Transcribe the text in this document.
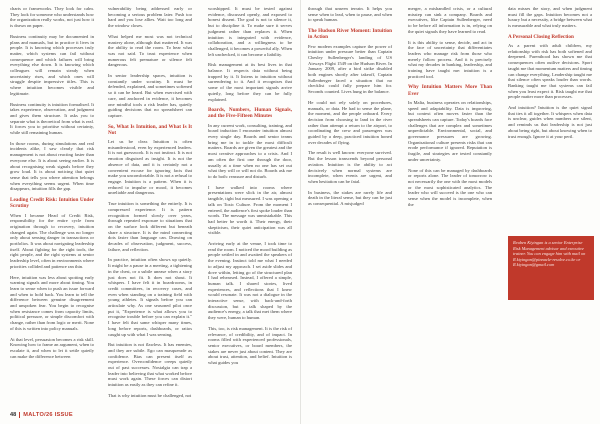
charts or frameworks. They look for calm. They look for someone who understands how the organization really works, not just how it is drawn on paper.

Business continuity may be documented in plans and manuals, but in practice it lives in people. It is knowing which processes truly matter, which systems can fail without consequence and which failures will bring everything else down. It is knowing which colleagues will remain steady when uncertainty rises, and which ones will struggle despite impressive titles. This is where intuition becomes visible and legitimate.

Business continuity is intuition formalised. It takes experience, observation, and judgment and gives them structure. It asks you to separate what is theoretical from what is real. It forces you to prioritise without certainty, while still remaining human.

In those rooms, during simulations and real incidents alike, I saw clearly that risk management is not about reacting faster than everyone else. It is about seeing earlier. It is about recognising weak signals before they grow loud. It is about noticing that quiet sense that tells you where attention belongs when everything seems urgent. When time disappears, intuition fills the gap.

Leading Credit Risk: Intuition Under Scrutiny

When I became Head of Credit Risk, responsibility for the entire cycle from origination through to recovery, intuition changed again. The challenge was no longer only about sensing danger in transactions or portfolios. It was about navigating leadership itself. About fighting for the right tools, the right people, and the right systems at senior leadership level, often in environments where priorities collided and patience ran thin.

Here, intuition was less about spotting early warning signals and more about timing. You learn to sense when to push an issue forward and when to hold back. You learn to tell the difference between genuine disagreement and unspoken fear. You begin to recognise when resistance comes from capacity limits, political pressure, or simple discomfort with change, rather than from logic or merit. None of this is written into policy manuals.

At that level, persuasion becomes a risk skill. Knowing how to frame an argument, when to escalate it, and when to let it settle quietly can make the difference between

vulnerability being addressed early or becoming a serious problem later. Push too hard and you lose allies. Wait too long and the window closes.

What helped me most was not technical mastery alone, although that mattered. It was the ability to read the room. To hear what was not said. To trust experience when numerous felt premature or silence felt dangerous.

In senior leadership spaces, intuition is constantly under scrutiny. It must be defended, explained, and sometimes softened so it can be heard. But when exercised with care, and anchored in evidence, it becomes one mindful tools a risk leader has, quietly guiding decisions that no spreadsheet can capture.

So, What Is Intuition, and What Is It Not

Let us be clear. Intuition is often misunderstood, even by experienced leaders. It is not guesswork. It is not instinct. It is not emotion disguised as insight. It is not the absence of data, and it is certainly not a convenient excuse for ignoring facts that make you uncomfortable. It is not a refusal to engage. Intuition is a pattern. When it is reduced to impulse or mood, it becomes unreliable and dangerous.

True intuition is something the entirely. It is compressed experience. It is pattern recognition formed slowly over years, through repeated exposure to situations that on the surface look different but beneath share a structure. It is the mind connecting dots faster than language can. Drawing on decades of observation, judgment, success, failure, and reflection.

In practice, intuition often shows up quietly. It might be a pause in a meeting, a tightening in the chest, or a subtle unease when a story just does not fit. It does not shout. It whispers. I have felt it in boardrooms, in credit committees, in recovery cases, and even when standing on a training field with young athletes. It signals before you can articulate why. As one seasoned pilot once put it, "Experience is what allows you to recognise trouble before you can explain it." I have felt that same whisper many times, long before reports, dashboards, or ratios caught up with what I was sensing.

But intuition is not flawless. It has enemies, and they are subtle. Ego can masquerade as confidence. Bias can present itself as experience. Overconfidence creeps quietly out of past successes. Nostalgia can trap a leader into believing that what worked before must work again. These forces can distort intuition as easily as they can refine it.

That is why intuition must be challenged, not

worshipped. It must be tested against evidence, discussed openly, and exposed to honest dissent. The goal is not to silence it, but to discipline it. To make sure it serves judgment rather than replaces it. When intuition is integrated with evidence, collaboration, and a willingness to be challenged, it becomes a powerful ally. When left unchecked, it can become a liability.

Risk management at its best lives in that balance. It respects data without being trapped by it. It listens to intuition without surrendering to it. And it recognises that some of the most important signals arrive quietly, long before they can be fully explained.

Boards, Numbers, Human Signals, and the Five-Fifteen Minutes

In any current work, consulting, training, and board induction I encounter intuition almost every single day. Boards and senior teams bring me in to tackle the most difficult matters. Boards are given the greatest and the most creative approaches to a crisis. And I am often the first one through the door, usually at a time when no one has set out what they will or will not do. Boards ask me to do both: reassure and disturb.

I have walked into rooms where presentations were slick in the air, almost tangible, tight but measured. I was opening a talk on Toxic Culture. From the moment I entered, the audience's first spoke louder than words. The message was unmistakable. This had better be worth it. Their energy, their skepticism, their quiet anticipation was all visible.

Arriving early at the venue, I took time to read the room. I noticed the mood building as people settled in and awaited the speakers of the evening. Instinct told me what I needed to adjust my approach. I set aside slides and dove within, letting go of the structured plan I had rehearsed. Instead, I offered a simple, human talk. I shared stories, lived experiences, and reflections that I knew would resonate. It was not a dialogue in the interactive sense, with back-and-forth discussion, but a talk shaped by the audience's energy, a talk that met them where they were, human to human.

This, too, is risk management. It is the risk of relevance, of credibility, and of impact. In rooms filled with experienced professionals, senior executives, or board members, the stakes are never just about content. They are about trust, attention, and belief. Intuition is what guides you

through that unseen terrain. It helps you sense when to lead, when to pause, and when to speak human.

The Hudson River Moment: Intuition in Action

Few modern examples capture the power of intuition under pressure better than Captain Chesley Sullenberger's landing of US Airways Flight 1549 on the Hudson River. In January 2009, after a bird strike disabled both engines shortly after takeoff, Captain Sullenberger faced a situation that no checklist could fully prepare him for. Seconds counted. Lives hung in the balance.

He could not rely solely on procedures, manuals, or data. He had to sense the plane, the moment, and the people onboard. Every decision from choosing to land in the river rather than attempt a return to the airport, to coordinating the crew and passengers was guided by a deep, practiced intuition honed over decades of flying.

The result is well known: everyone survived. But the lesson transcends beyond personal aviation. Intuition is the ability to act decisively when normal systems are incomplete, when events are urgent, and when hesitation can be fatal.

In business, the stakes are rarely life and death in the literal sense, but they can be just as consequential. A misjudged

merger, a mishandled crisis, or a cultural misstep can sink a company. Boards and executives, like Captain Sullenberger, need to be before all information is in, relying on the quiet signals they have learned to read.

It is this ability to sense, decide, and act in the face of uncertainty that differentiates leaders who manage risk from those who merely follow process. And it is precisely what my decades in banking, leadership, and training have taught me: intuition is a practiced tool.

Why Intuition Matters More Than Ever

In Malta, business operates on relationships, speed and adaptability. Data is improving, but context often moves faster than the spreadsheets can capture. Today's boards face challenges that are complex and sometimes unpredictable. Environmental, social, and governance pressures are growing. Organisational culture presents risks that can erode performance if ignored. Reputation is fragile, and strategies are tested constantly under uncertainty.

None of this can be managed by dashboards or reports alone. The leader of tomorrow is not necessarily the one with the most models or the most sophisticated analytics. The leader who will succeed is the one who can sense when the model is incomplete, when the

data misses the story, and when judgment must fill the gaps. Intuition becomes not a luxury but a necessity, a bridge between what is measurable and what truly matters.

A Personal Closing Reflection

As a parent with adult children, my relationship with risk has both softened and deepened. Parenthood has shown me that consequences often outlive decisions. Sport taught me that momentum matters and timing can change everything. Leadership taught me that silence often speaks louder than words. Banking taught me that systems can fail when you least expect it. Risk taught me that people matter more than processes.

And intuition? Intuition is the quiet signal that ties it all together. It whispers when data is unclear, guides when numbers are silent, and reminds us that leadership is not just about being right, but about knowing when to trust enough. Ignore it at your peril.

Reuben Kiyingan is a senior Enterprise Risk Management advisor and executive trainer. You can engage him with mail on R.kiyingan@pinnacle-resolve.co.ke or R.kiyingan@gmail.com
48 MALTO/26 ISSUE
